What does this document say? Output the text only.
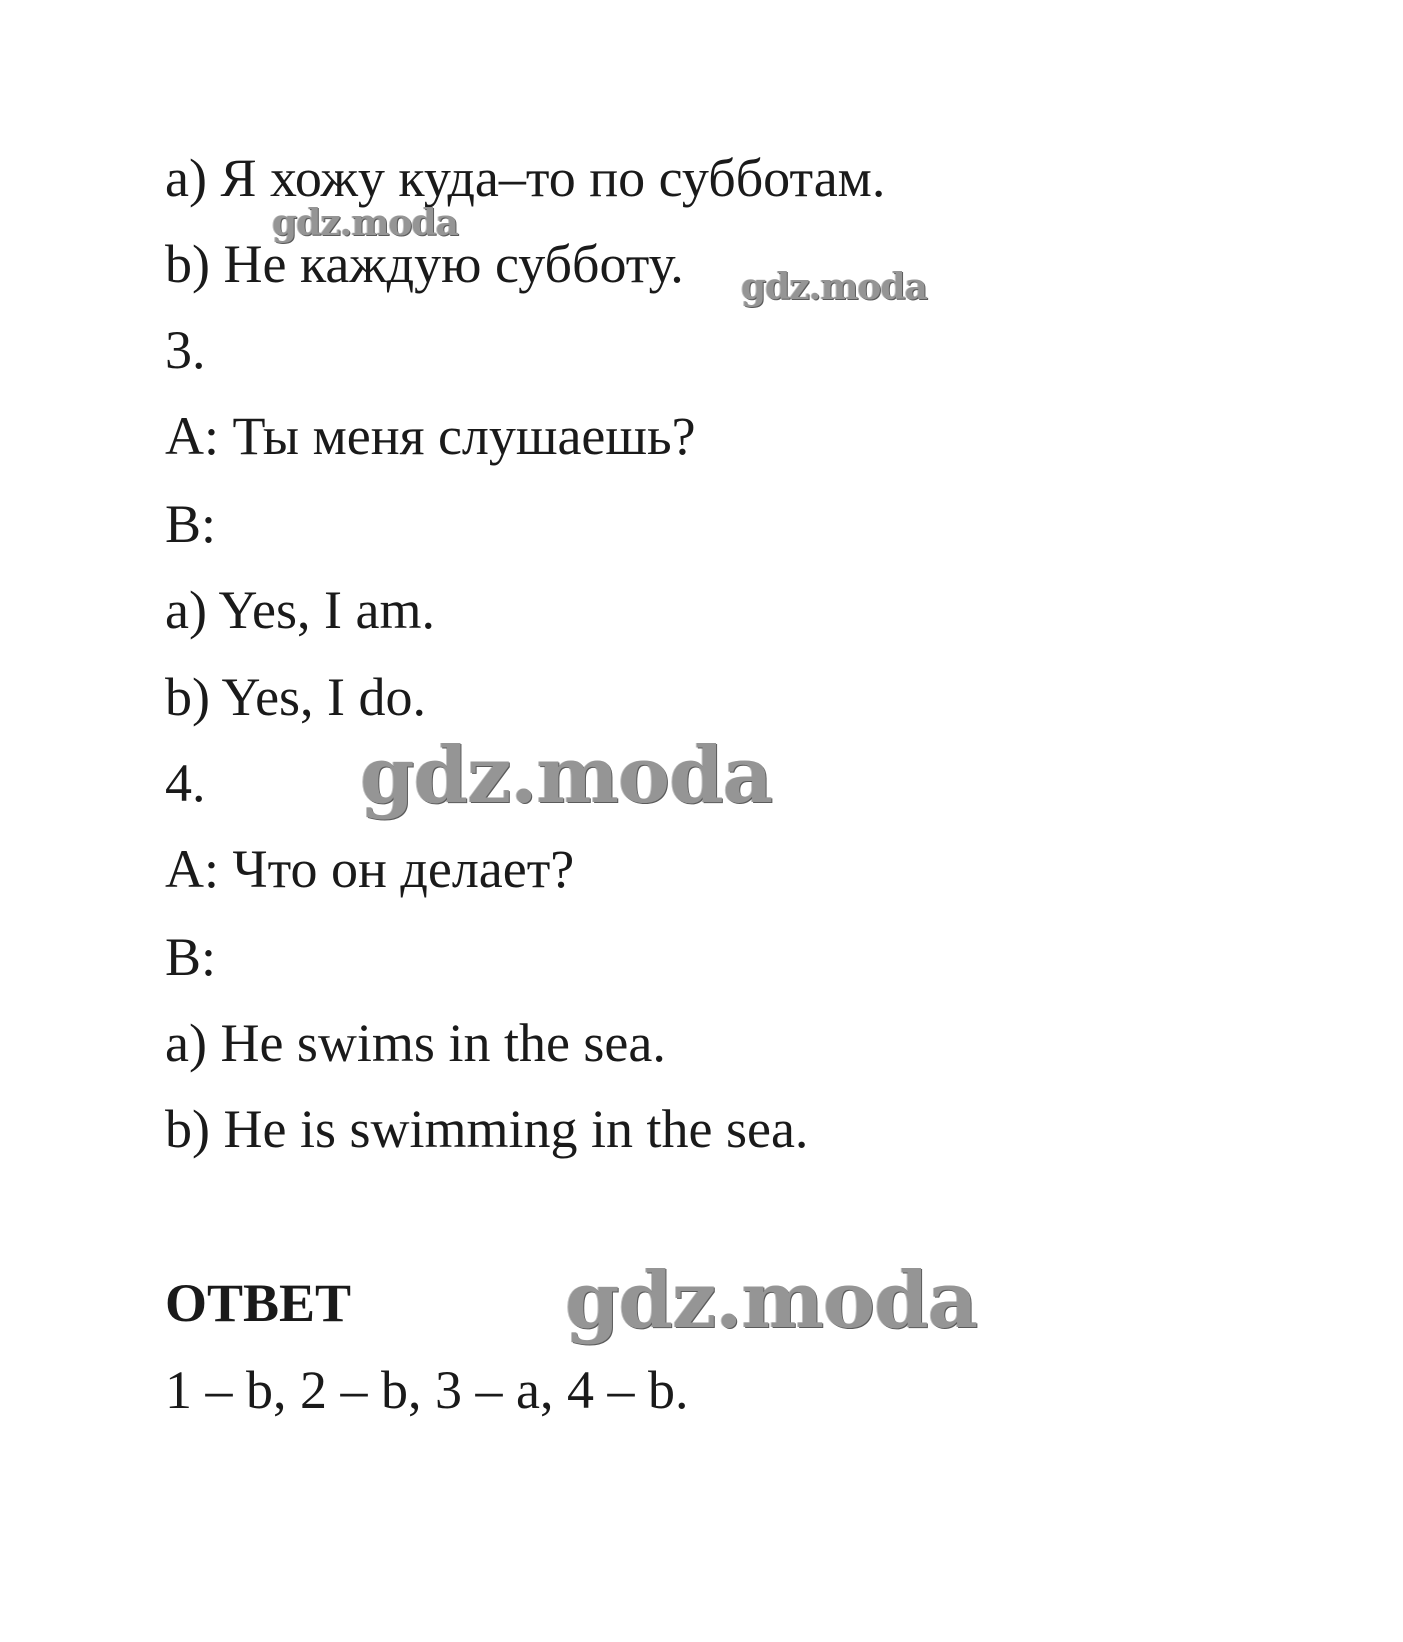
a) Я хожу куда–то по субботам.
b) Не каждую субботу.
3.
A: Ты меня слушаешь?
B:
a) Yes, I am.
b) Yes, I do.
4.
A: Что он делает?
B:
a) He swims in the sea.
b) He is swimming in the sea.
ОТВЕТ
1 – b, 2 – b, 3 – a, 4 – b.
gdz.moda
gdz.moda
gdz.moda
gdz.moda
